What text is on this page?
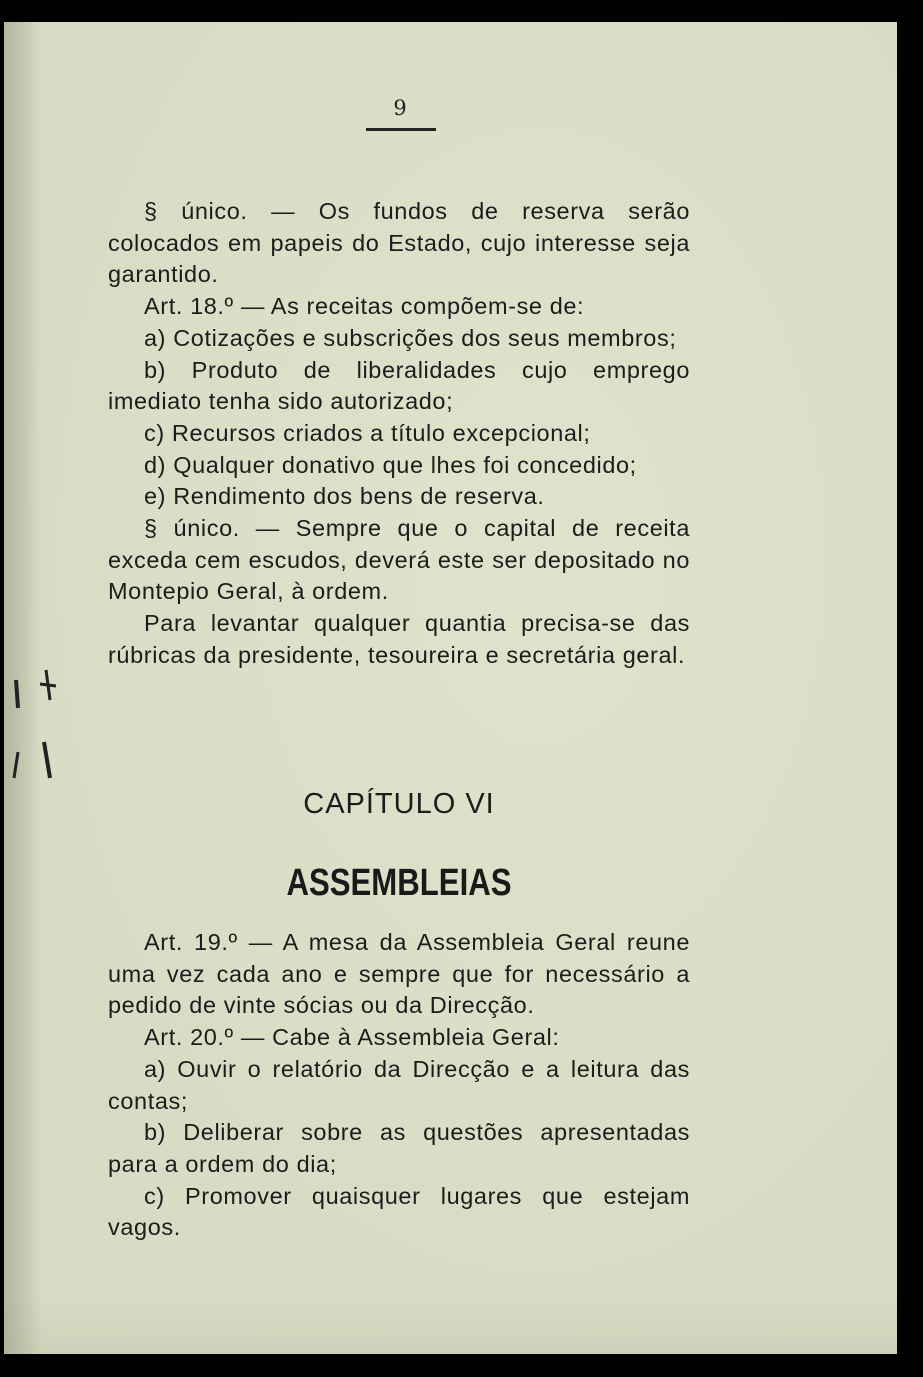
9

§ único. — Os fundos de reserva serão colocados em papeis do Estado, cujo interesse seja garantido.

Art. 18.º — As receitas compõem-se de:

a) Cotizações e subscrições dos seus membros;

b) Produto de liberalidades cujo emprego imediato tenha sido autorizado;

c) Recursos criados a título excepcional;

d) Qualquer donativo que lhes foi concedido;

e) Rendimento dos bens de reserva.

§ único. — Sempre que o capital de receita exceda cem escudos, deverá este ser depositado no Montepio Geral, à ordem.

Para levantar qualquer quantia precisa-se das rúbricas da presidente, tesoureira e secretária geral.

CAPÍTULO VI
ASSEMBLEIAS

Art. 19.º — A mesa da Assembleia Geral reune uma vez cada ano e sempre que for necessário a pedido de vinte sócias ou da Direcção.

Art. 20.º — Cabe à Assembleia Geral:

a) Ouvir o relatório da Direcção e a leitura das contas;

b) Deliberar sobre as questões apresentadas para a ordem do dia;

c) Promover quaisquer lugares que estejam vagos.
